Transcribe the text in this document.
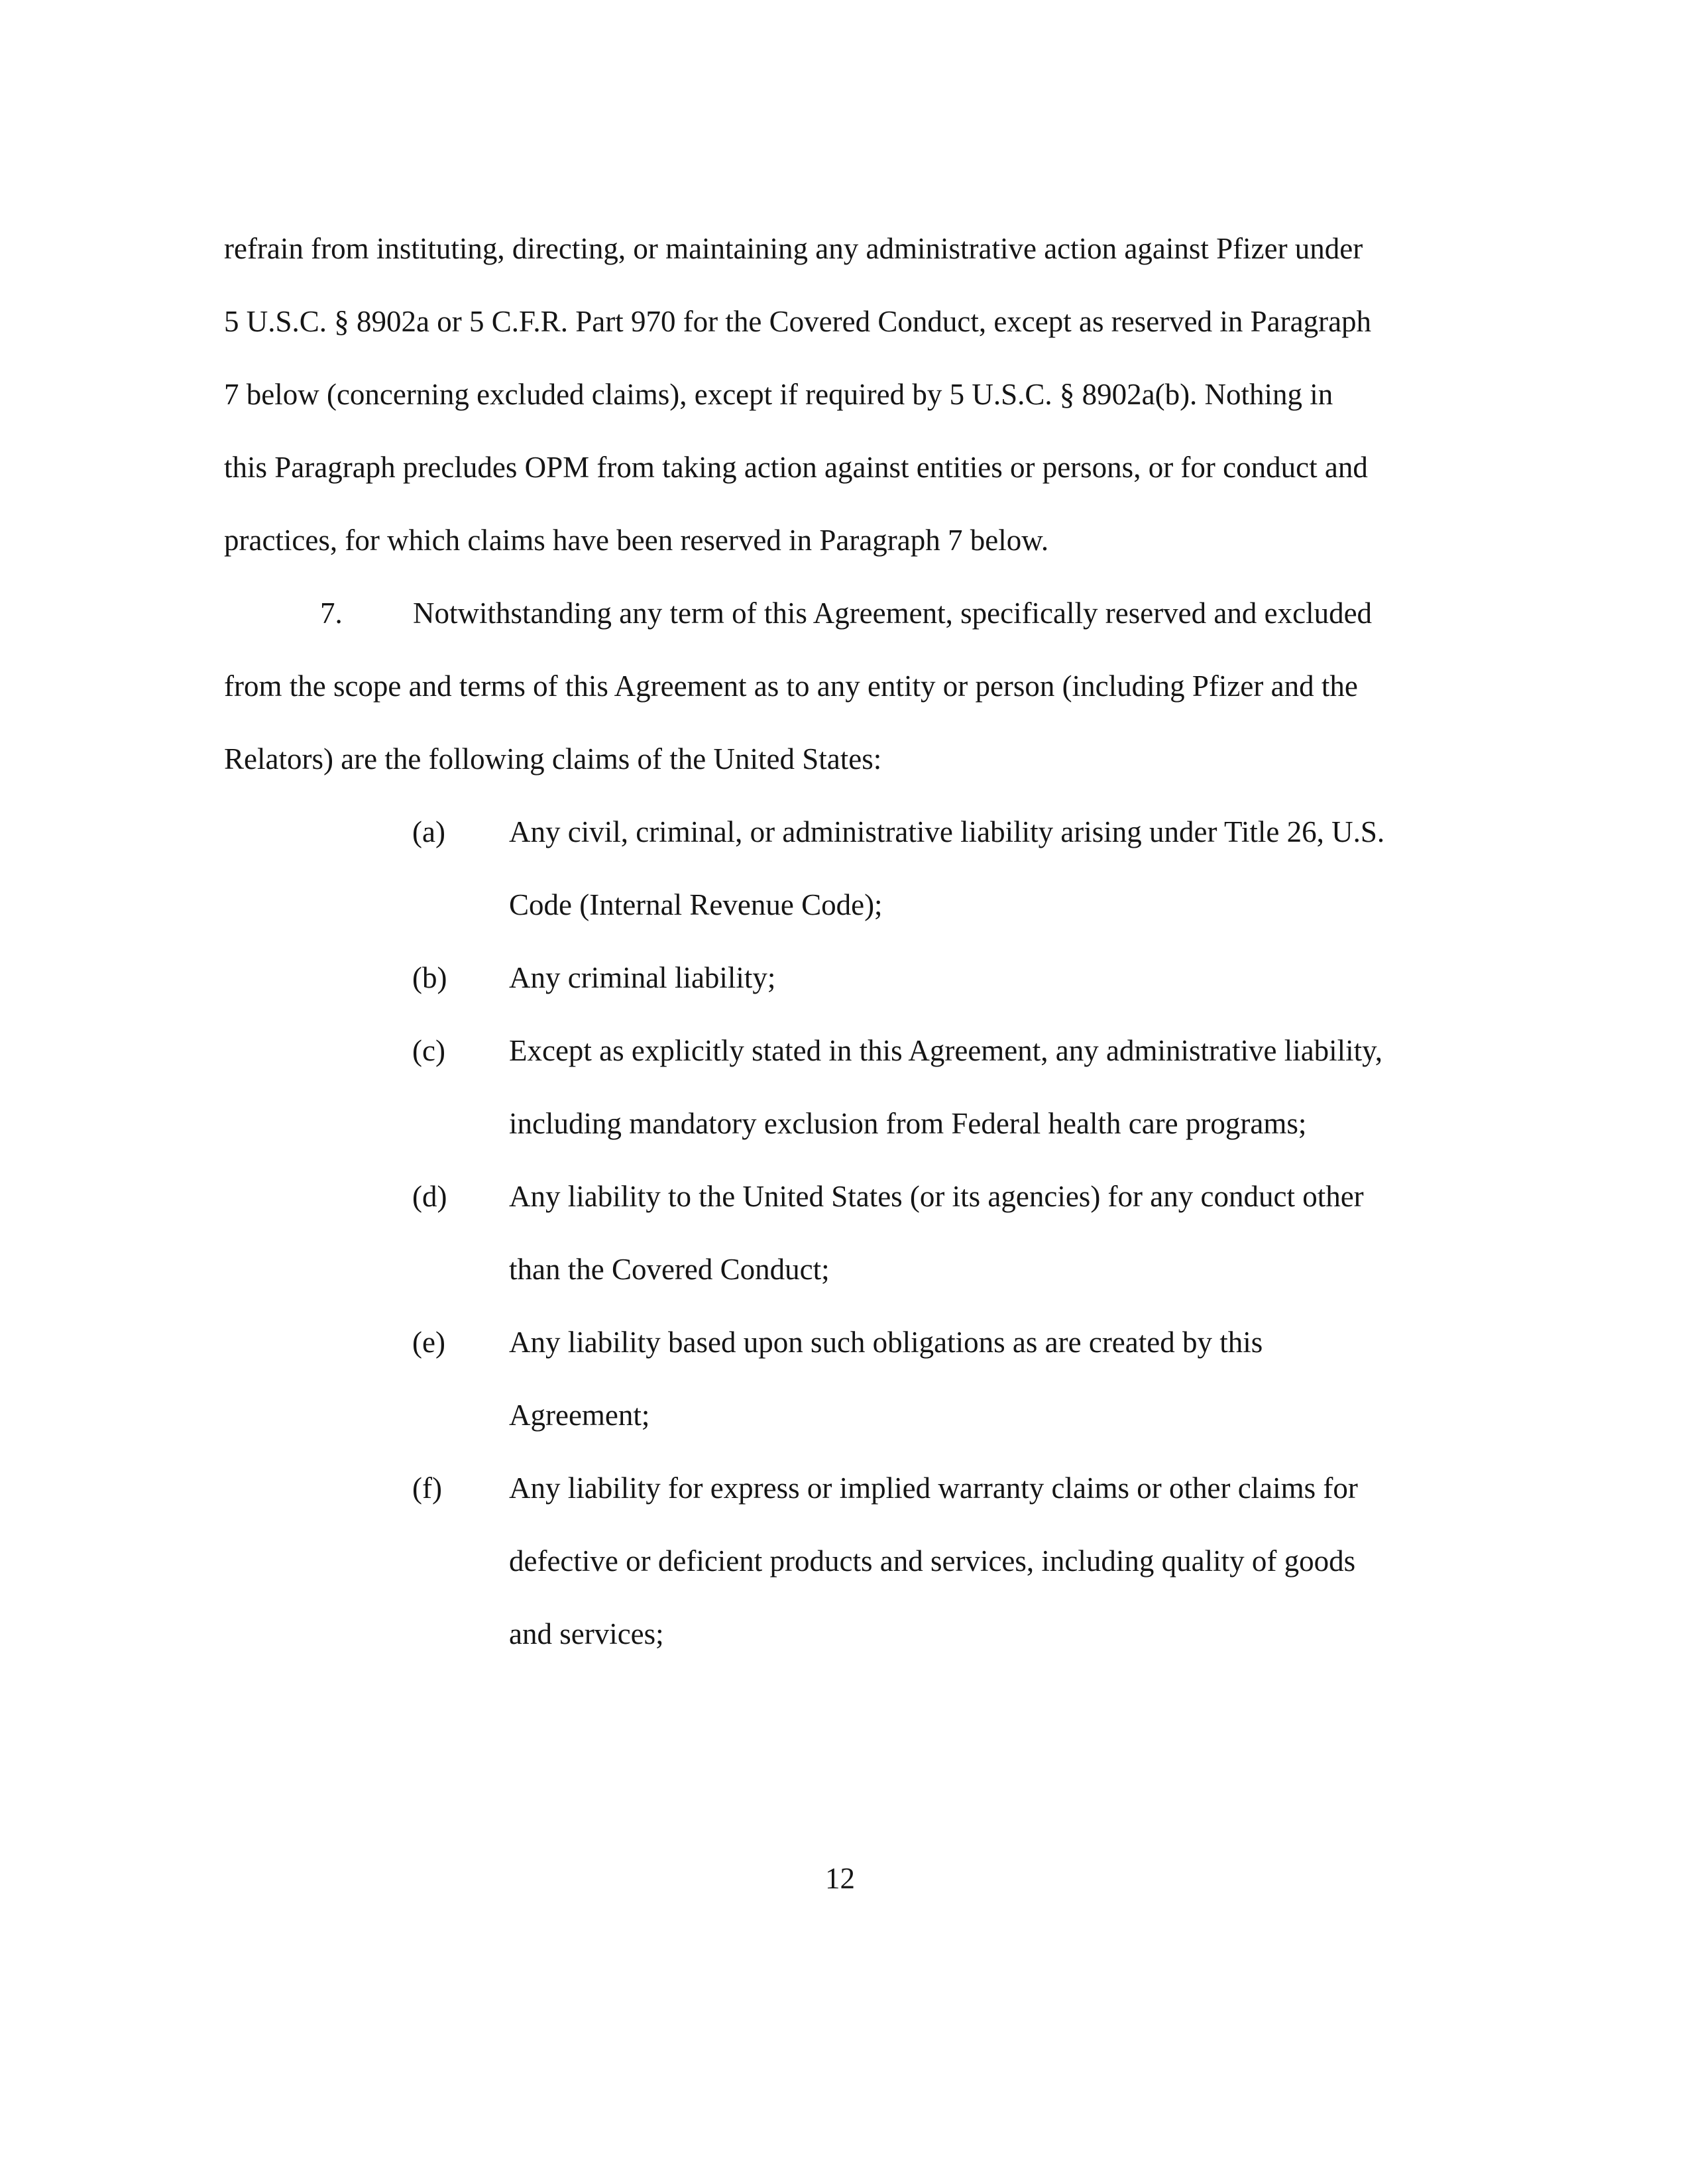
refrain from instituting, directing, or maintaining any administrative action against Pfizer under
5 U.S.C. § 8902a or 5 C.F.R. Part 970 for the Covered Conduct, except as reserved in Paragraph
7 below (concerning excluded claims), except if required by 5 U.S.C. § 8902a(b). Nothing in
this Paragraph precludes OPM from taking action against entities or persons, or for conduct and
practices, for which claims have been reserved in Paragraph 7 below.
7. Notwithstanding any term of this Agreement, specifically reserved and excluded
from the scope and terms of this Agreement as to any entity or person (including Pfizer and the
Relators) are the following claims of the United States:
(a) Any civil, criminal, or administrative liability arising under Title 26, U.S.
Code (Internal Revenue Code);
(b) Any criminal liability;
(c) Except as explicitly stated in this Agreement, any administrative liability,
including mandatory exclusion from Federal health care programs;
(d) Any liability to the United States (or its agencies) for any conduct other
than the Covered Conduct;
(e) Any liability based upon such obligations as are created by this
Agreement;
(f) Any liability for express or implied warranty claims or other claims for
defective or deficient products and services, including quality of goods
and services;
12
